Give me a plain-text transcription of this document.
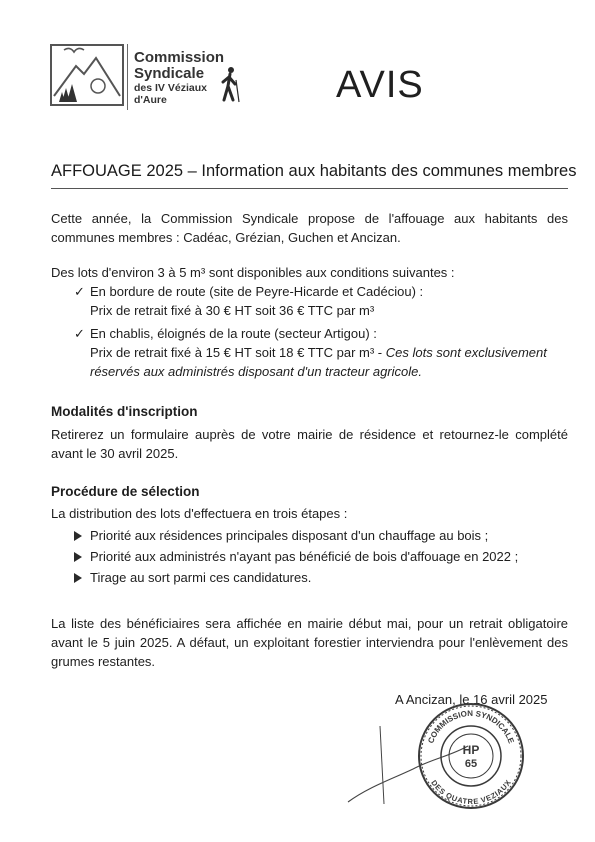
Commission
Syndicale
des IV Véziaux
d'Aure	AVIS
AFFOUAGE 2025 – Information aux habitants des communes membres
Cette année, la Commission Syndicale propose de l'affouage aux habitants des communes membres : Cadéac, Grézian, Guchen et Ancizan.
Des lots d'environ 3 à 5 m³ sont disponibles aux conditions suivantes :
✓ En bordure de route (site de Peyre-Hicarde et Cadéciou) :
Prix de retrait fixé à 30 € HT soit 36 € TTC par m³
✓ En chablis, éloignés de la route (secteur Artigou) :
Prix de retrait fixé à 15 € HT soit 18 € TTC par m³ - Ces lots sont exclusivement
réservés aux administrés disposant d'un tracteur agricole.
Modalités d'inscription
Retirerez un formulaire auprès de votre mairie de résidence et retournez-le complété avant le 30 avril 2025.
Procédure de sélection
La distribution des lots d'effectuera en trois étapes :
Priorité aux résidences principales disposant d'un chauffage au bois ;
Priorité aux administrés n'ayant pas bénéficié de bois d'affouage en 2022 ;
Tirage au sort parmi ces candidatures.
La liste des bénéficiaires sera affichée en mairie début mai, pour un retrait obligatoire avant le 5 juin 2025. A défaut, un exploitant forestier interviendra pour l'enlèvement des grumes restantes.
A Ancizan, le 16 avril 2025
COMMISSION SYNDICALE
DES QUATRE VEZIAUX
HP
65
